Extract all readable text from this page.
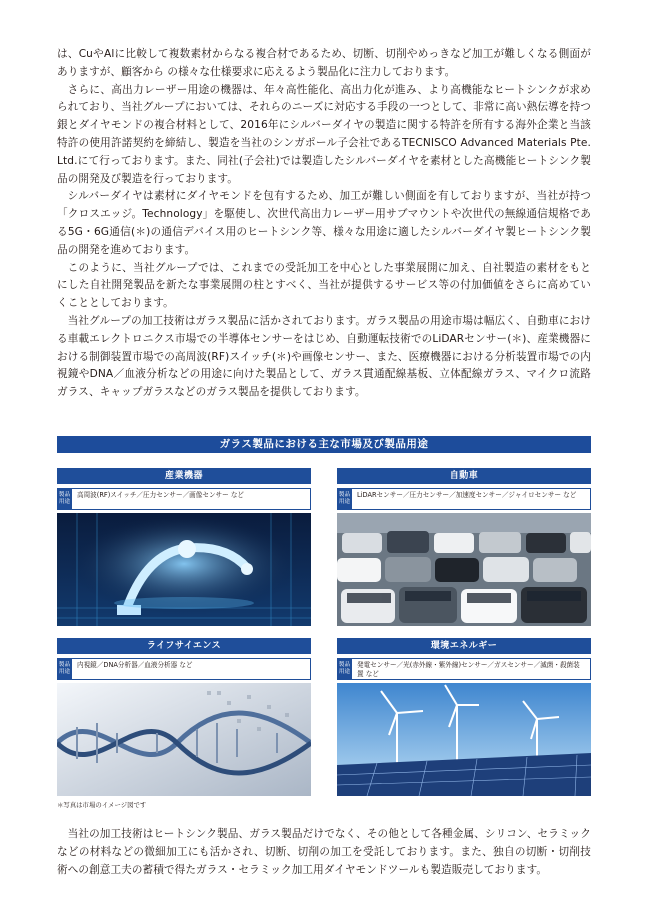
は、CuやAlに比較して複数素材からなる複合材であるため、切断、切削やめっきなど加工が難しくなる側面がありますが、顧客から の様々な仕様要求に応えるよう製品化に注力しております。

さらに、高出力レーザー用途の機器は、年々高性能化、高出力化が進み、より高機能なヒートシンクが求められており、当社グループにおいては、それらのニーズに対応する手段の一つとして、非常に高い熱伝導を持つ銀とダイヤモンドの複合材料として、2016年にシルバーダイヤの製造に関する特許を所有する海外企業と当該特許の使用許諾契約を締結し、製造を当社のシンガポール子会社であるTECNISCO Advanced Materials Pte. Ltd.にて行っております。また、同社(子会社)では製造したシルバーダイヤを素材とした高機能ヒートシンク製品の開発及び製造を行っております。

シルバーダイヤは素材にダイヤモンドを包有するため、加工が難しい側面を有しておりますが、当社が持つ「クロスエッジ。Technology」を駆使し、次世代高出力レーザー用サブマウントや次世代の無線通信規格である5G・6G通信(＊)の通信デバイス用のヒートシンク等、様々な用途に適したシルバーダイヤ製ヒートシンク製品の開発を進めております。

このように、当社グループでは、これまでの受託加工を中心とした事業展開に加え、自社製造の素材をもとにした自社開発製品を新たな事業展開の柱とすべく、当社が提供するサービス等の付加価値をさらに高めていくこととしております。

当社グループの加工技術はガラス製品に活かされております。ガラス製品の用途市場は幅広く、自動車における車載エレクトロニクス市場での半導体センサーをはじめ、自動運転技術でのLiDARセンサー(＊)、産業機器における制御装置市場での高周波(RF)スイッチ(＊)や画像センサー、また、医療機器における分析装置市場での内視鏡やDNA／血液分析などの用途に向けた製品として、ガラス貫通配線基板、立体配線ガラス、マイクロ流路ガラス、キャップガラスなどのガラス製品を提供しております。

ガラス製品における主な市場及び製品用途
産業機器
製品
用途
高周波(RF)スイッチ／圧力センサー／画像センサー など
自動車
製品
用途
LiDARセンサー／圧力センサー／加速度センサー／ジャイロセンサー など
ライフサイエンス
製品
用途
内視鏡／DNA分析器／血液分析器 など
環境エネルギー
製品
用途
発電センサー／光(赤外線・紫外線)センサー／ガスセンサー／滅菌・殺菌装置 など
＊写真は市場のイメージ図です

当社の加工技術はヒートシンク製品、ガラス製品だけでなく、その他として各種金属、シリコン、セラミックなどの材料などの微細加工にも活かされ、切断、切削の加工を受託しております。また、独自の切断・切削技術への創意工夫の蓄積で得たガラス・セラミック加工用ダイヤモンドツールも製造販売しております。
